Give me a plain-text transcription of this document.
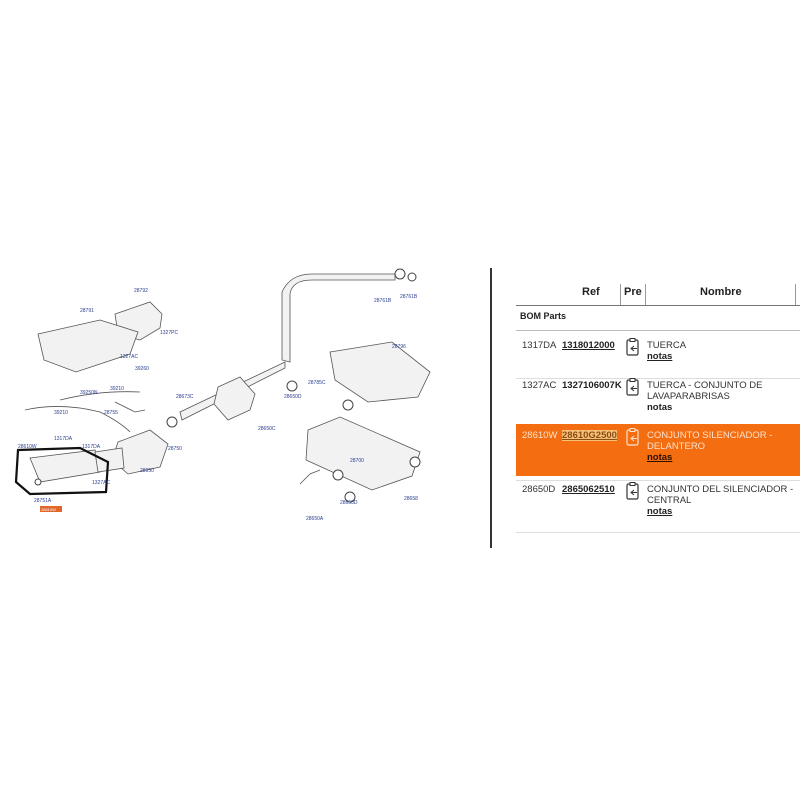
28610W
28792
28791
1327PC
1327AC
39260
39250N
39210
39210
28673C
28650C
1317DA
28610W	1317DA
28950
28750
1327AC
28751A
28796
28785C
28650D
28761B
28761B
28650D
28658
28650A
28700
28755
Ref Pre	Nombre
BOM Parts
1317DA 1318012000	TUERCA
notas
1327AC 1327106007K	TUERCA - CONJUNTO DE LAVAPARABRISAS
notas
28610W 28610G2500	CONJUNTO SILENCIADOR - DELANTERO
notas
28650D 2865062510	CONJUNTO DEL SILENCIADOR - CENTRAL
notas
